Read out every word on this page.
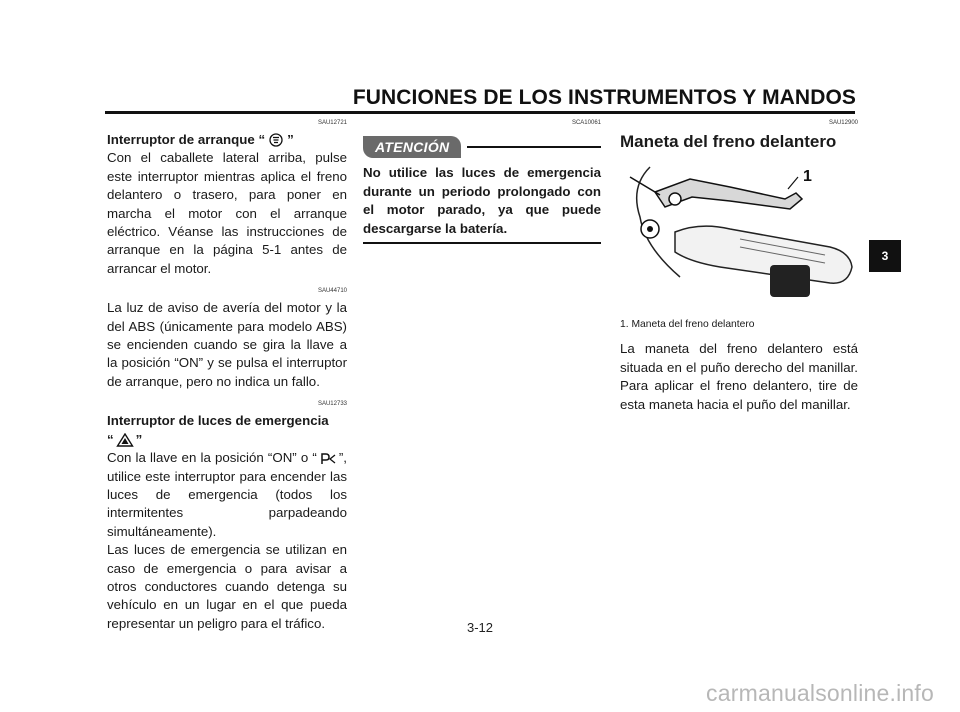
FUNCIONES DE LOS INSTRUMENTOS Y MANDOS
SAU12721
Interruptor de arranque “ ”
Con el caballete lateral arriba, pulse este interruptor mientras aplica el freno delantero o trasero, para poner en marcha el motor con el arranque eléctrico. Véanse las instrucciones de arranque en la página 5-1 antes de arrancar el motor.
SAU44710
La luz de aviso de avería del motor y la del ABS (únicamente para modelo ABS) se encienden cuando se gira la llave a la posición “ON” y se pulsa el interruptor de arranque, pero no indica un fallo.
SAU12733
Interruptor de luces de emergencia
“ ”
Con la llave en la posición “ON” o “ ”, utilice este interruptor para encender las luces de emergencia (todos los intermitentes parpadeando simultáneamente).
Las luces de emergencia se utilizan en caso de emergencia o para avisar a otros conductores cuando detenga su vehículo en un lugar en el que pueda representar un peligro para el tráfico.
SCA10061
ATENCIÓN
No utilice las luces de emergencia durante un periodo prolongado con el motor parado, ya que puede descargarse la batería.
SAU12900
Maneta del freno delantero
1
1. Maneta del freno delantero
La maneta del freno delantero está situada en el puño derecho del manillar. Para aplicar el freno delantero, tire de esta maneta hacia el puño del manillar.
3
3-12
carmanualsonline.info
